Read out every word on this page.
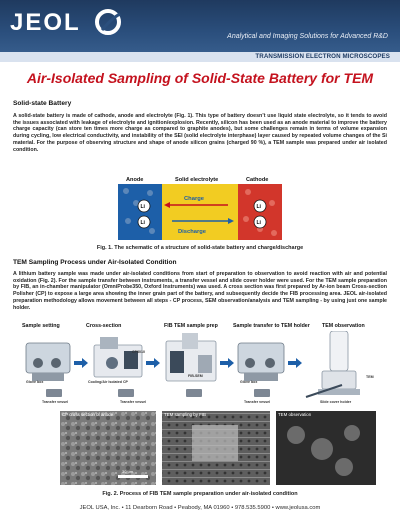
JEOL
Analytical and Imaging Solutions for Advanced R&D
TRANSMISSION ELECTRON MICROSCOPES
Air-Isolated Sampling of Solid-State Battery for TEM
Solid-state Battery
A solid-state battery is made of cathode, anode and electrolyte (Fig. 1). This type of battery doesn’t use liquid state electrolyte, so it tends to avoid the issues associated with leakage of electrolyte and ignition/explosion. Recently, silicon has been used as an anode material to improve the battery charge capacity (can store ten times more charge as compared to graphite anodes), but some challenges remain in terms of volume expansion during cycling, low electrical conductivity, and instability of the SEI (solid electrolyte interphase) layer caused by repeated volume changes of the Si material. For the purpose of observing structure and shape of anode silicon grains (charged 90 %), a TEM sample was prepared under air isolated condition.
Anode	Solid electrolyte	Cathode
Charge
Discharge
Li
Li
Li
Li
Fig. 1. The schematic of a structure of solid-state battery and charge/discharge
TEM Sampling Process under Air-Isolated Condition
A lithium battery sample was made under air-isolated conditions from start of preparation to observation to avoid reaction with air and potential oxidation (Fig. 2). For the sample transfer between instruments, a transfer vessel and slide cover holder were used. For the TEM sample preparation by FIB, an in-chamber manipulator (OmniProbe350, Oxford Instruments) was used. A cross section was first prepared by Ar-ion beam Cross-section Polisher (CP) to expose a large area showing the inner grain part of the battery, and subsequently decide the FIB processing area. JEOL air-isolated preparation methodology allows movement between all steps - CP process, SEM observation/analysis and TEM sampling - by using just one sample holder.
Sample setting	Cross-section	FIB TEM sample prep	Sample transfer to TEM holder TEM observation
Glove box	Cooling/Air Isolated CP
CP8010
FIB-SEM
Glove box
TEM
Transfer vessel	Transfer vessel	Transfer vessel	Slide cover holder
CP cross section of anode	TEM sampling by FIB	TEM observation
30 μm
Fig. 2. Process of FIB TEM sample preparation under air-isolated condition
JEOL USA, Inc. • 11 Dearborn Road • Peabody, MA 01960 • 978.535.5900 • www.jeolusa.com
